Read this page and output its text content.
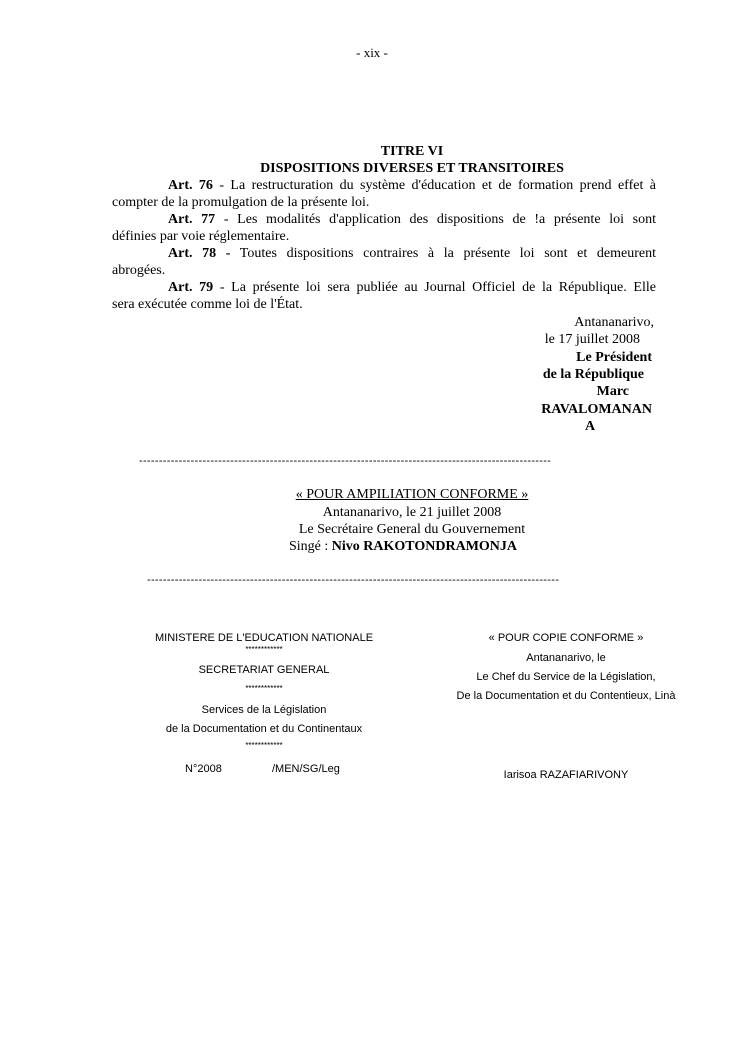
- xix -
TITRE VI
DISPOSITIONS DIVERSES ET TRANSITOIRES
Art. 76 - La restructuration du système d'éducation et de formation prend effet à
compter de la promulgation de la présente loi.
Art. 77 - Les modalités d'application des dispositions de !a présente loi sont
définies par voie réglementaire.
Art. 78 - Toutes dispositions contraires à la présente loi sont et demeurent
abrogées.
Art. 79 - La présente loi sera publiée au Journal Officiel de la République. Elle
sera exécutée comme loi de l'État.
Antananarivo,
le 17 juillet 2008
Le Président
de la République
Marc
RAVALOMANAN
A
--------------------------------------------------------------------------------------------------------
« POUR AMPILIATION CONFORME »
Antananarivo, le 21 juillet 2008
Le Secrétaire General du Gouvernement
Singé : Nivo RAKOTONDRAMONJA
--------------------------------------------------------------------------------------------------------
MINISTERE DE L'EDUCATION NATIONALE
************
SECRETARIAT GENERAL
************
Services de la Législation
de la Documentation et du Continentaux
************
N°2008	/MEN/SG/Leg
« POUR COPIE CONFORME »
Antananarivo, le
Le Chef du Service de la Législation,
De la Documentation et du Contentieux, Linà
Iarisoa RAZAFIARIVONY
